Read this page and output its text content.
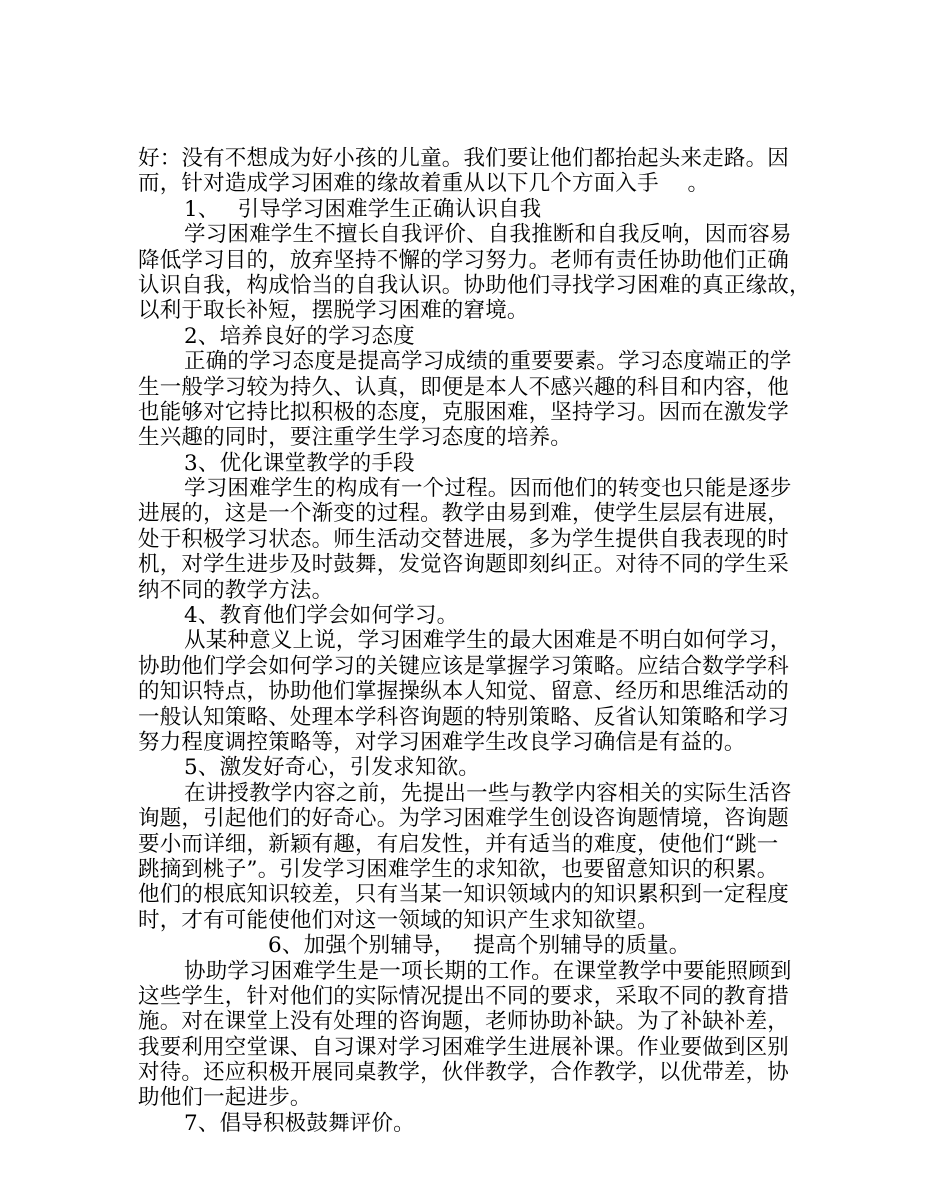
好：没有不想成为好小孩的儿童。我们要让他们都抬起头来走路。因
而，针对造成学习困难的缘故着重从以下几个方面入手　 。
1、　 引导学习困难学生正确认识自我
学习困难学生不擅长自我评价、自我推断和自我反响，因而容易
降低学习目的，放弃坚持不懈的学习努力。老师有责任协助他们正确
认识自我，构成恰当的自我认识。协助他们寻找学习困难的真正缘故，
以利于取长补短，摆脱学习困难的窘境。
2、培养良好的学习态度
正确的学习态度是提高学习成绩的重要要素。学习态度端正的学
生一般学习较为持久、认真，即便是本人不感兴趣的科目和内容，他
也能够对它持比拟积极的态度，克服困难，坚持学习。因而在激发学
生兴趣的同时，要注重学生学习态度的培养。
3、优化课堂教学的手段
学习困难学生的构成有一个过程。因而他们的转变也只能是逐步
进展的，这是一个渐变的过程。教学由易到难，使学生层层有进展，
处于积极学习状态。师生活动交替进展，多为学生提供自我表现的时
机，对学生进步及时鼓舞，发觉咨询题即刻纠正。对待不同的学生采
纳不同的教学方法。
4、教育他们学会如何学习。
从某种意义上说，学习困难学生的最大困难是不明白如何学习，
协助他们学会如何学习的关键应该是掌握学习策略。应结合数学学科
的知识特点，协助他们掌握操纵本人知觉、留意、经历和思维活动的
一般认知策略、处理本学科咨询题的特别策略、反省认知策略和学习
努力程度调控策略等，对学习困难学生改良学习确信是有益的。
5、激发好奇心，引发求知欲。
在讲授教学内容之前，先提出一些与教学内容相关的实际生活咨
询题，引起他们的好奇心。为学习困难学生创设咨询题情境，咨询题
要小而详细，新颖有趣，有启发性，并有适当的难度，使他们“跳一
跳摘到桃子”。引发学习困难学生的求知欲，也要留意知识的积累。
他们的根底知识较差，只有当某一知识领域内的知识累积到一定程度
时，才有可能使他们对这一领域的知识产生求知欲望。
6、加强个别辅导，　 提高个别辅导的质量。
协助学习困难学生是一项长期的工作。在课堂教学中要能照顾到
这些学生，针对他们的实际情况提出不同的要求，采取不同的教育措
施。对在课堂上没有处理的咨询题，老师协助补缺。为了补缺补差，
我要利用空堂课、自习课对学习困难学生进展补课。作业要做到区别
对待。还应积极开展同桌教学，伙伴教学，合作教学，以优带差，协
助他们一起进步。
7、倡导积极鼓舞评价。
